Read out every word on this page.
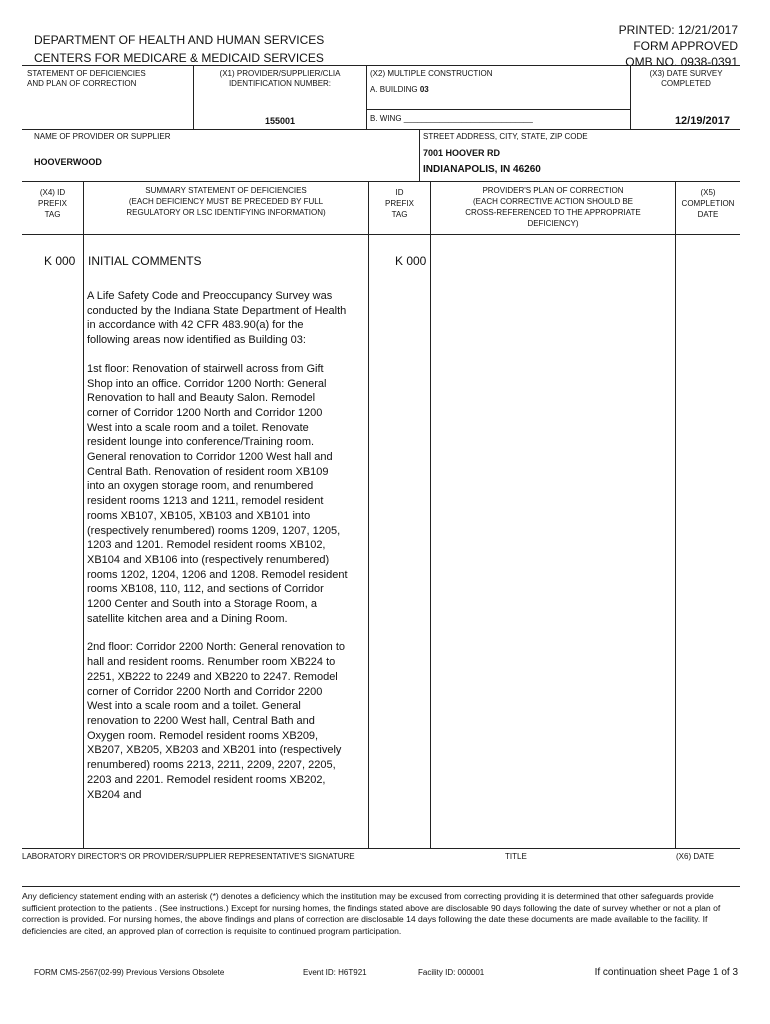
PRINTED: 12/21/2017
FORM APPROVED
OMB NO. 0938-0391
DEPARTMENT OF HEALTH AND HUMAN SERVICES
CENTERS FOR MEDICARE & MEDICAID SERVICES
STATEMENT OF DEFICIENCIES
AND PLAN OF CORRECTION
(X1) PROVIDER/SUPPLIER/CLIA
IDENTIFICATION NUMBER:
155001
(X2) MULTIPLE CONSTRUCTION
A. BUILDING 03
B. WING _____________________________
(X3) DATE SURVEY
COMPLETED
12/19/2017
NAME OF PROVIDER OR SUPPLIER
HOOVERWOOD
STREET ADDRESS, CITY, STATE, ZIP CODE
7001 HOOVER RD
INDIANAPOLIS, IN 46260
(X4) ID
PREFIX
TAG
SUMMARY STATEMENT OF DEFICIENCIES
(EACH DEFICIENCY MUST BE PRECEDED BY FULL
REGULATORY OR LSC IDENTIFYING INFORMATION)
ID
PREFIX
TAG
PROVIDER'S PLAN OF CORRECTION
(EACH CORRECTIVE ACTION SHOULD BE
CROSS-REFERENCED TO THE APPROPRIATE
DEFICIENCY)
(X5)
COMPLETION
DATE
K 000 INITIAL COMMENTS	K 000

A Life Safety Code and Preoccupancy Survey was conducted by the Indiana State Department of Health in accordance with 42 CFR 483.90(a) for the following areas now identified as Building 03:

1st floor: Renovation of stairwell across from Gift Shop into an office. Corridor 1200 North: General Renovation to hall and Beauty Salon. Remodel corner of Corridor 1200 North and Corridor 1200 West into a scale room and a toilet. Renovate resident lounge into conference/Training room. General renovation to Corridor 1200 West hall and Central Bath. Renovation of resident room XB109 into an oxygen storage room, and renumbered resident rooms 1213 and 1211, remodel resident rooms XB107, XB105, XB103 and XB101 into (respectively renumbered) rooms 1209, 1207, 1205, 1203 and 1201. Remodel resident rooms XB102, XB104 and XB106 into (respectively renumbered) rooms 1202, 1204, 1206 and 1208. Remodel resident rooms XB108, 110, 112, and sections of Corridor 1200 Center and South into a Storage Room, a satellite kitchen area and a Dining Room.

2nd floor: Corridor 2200 North: General renovation to hall and resident rooms. Renumber room XB224 to 2251, XB222 to 2249 and XB220 to 2247. Remodel corner of Corridor 2200 North and Corridor 2200 West into a scale room and a toilet. General renovation to 2200 West hall, Central Bath and Oxygen room. Remodel resident rooms XB209, XB207, XB205, XB203 and XB201 into (respectively renumbered) rooms 2213, 2211, 2209, 2207, 2205, 2203 and 2201. Remodel resident rooms XB202, XB204 and

LABORATORY DIRECTOR'S OR PROVIDER/SUPPLIER REPRESENTATIVE'S SIGNATURE	TITLE	(X6) DATE
Any deficiency statement ending with an asterisk (*) denotes a deficiency which the institution may be excused from correcting providing it is determined that other safeguards provide sufficient protection to the patients . (See instructions.) Except for nursing homes, the findings stated above are disclosable 90 days following the date of survey whether or not a plan of correction is provided. For nursing homes, the above findings and plans of correction are disclosable 14 days following the date these documents are made available to the facility. If deficiencies are cited, an approved plan of correction is requisite to continued program participation.
FORM CMS-2567(02-99) Previous Versions Obsolete	Event ID: H6T921	Facility ID: 000001	If continuation sheet Page 1 of 3
